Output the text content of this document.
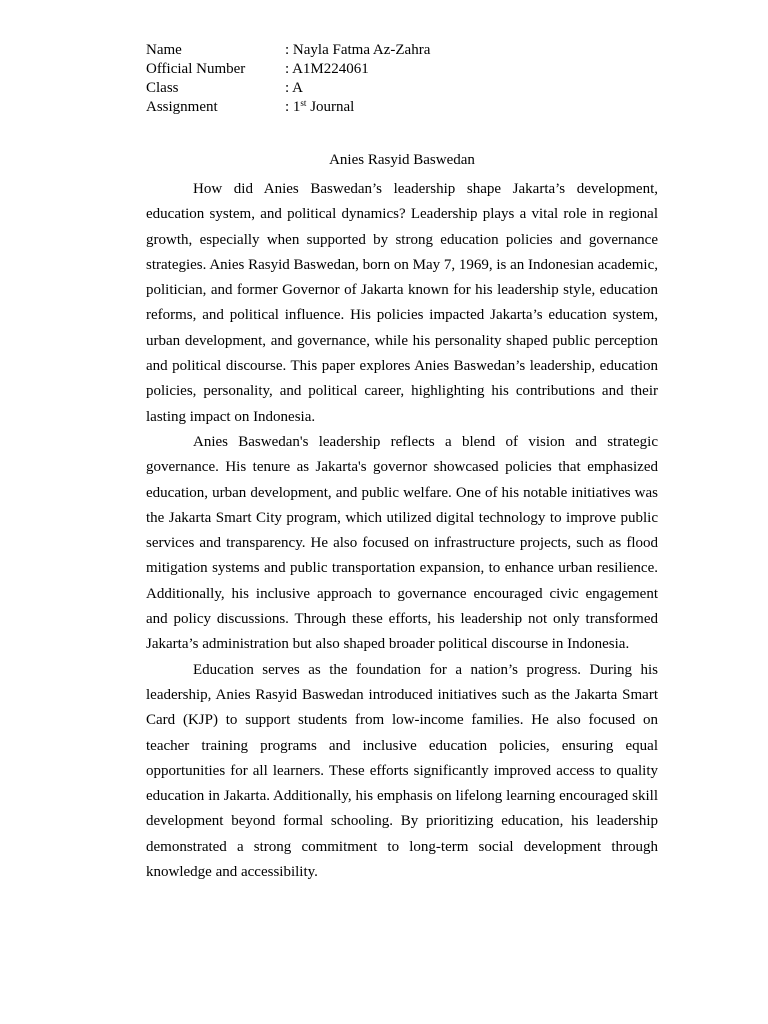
Name	: Nayla Fatma Az-Zahra
Official Number	: A1M224061
Class	: A
Assignment	: 1st Journal
Anies Rasyid Baswedan

How did Anies Baswedan’s leadership shape Jakarta’s development, education system, and political dynamics? Leadership plays a vital role in regional growth, especially when supported by strong education policies and governance strategies. Anies Rasyid Baswedan, born on May 7, 1969, is an Indonesian academic, politician, and former Governor of Jakarta known for his leadership style, education reforms, and political influence. His policies impacted Jakarta’s education system, urban development, and governance, while his personality shaped public perception and political discourse. This paper explores Anies Baswedan’s leadership, education policies, personality, and political career, highlighting his contributions and their lasting impact on Indonesia.

Anies Baswedan's leadership reflects a blend of vision and strategic governance. His tenure as Jakarta's governor showcased policies that emphasized education, urban development, and public welfare. One of his notable initiatives was the Jakarta Smart City program, which utilized digital technology to improve public services and transparency. He also focused on infrastructure projects, such as flood mitigation systems and public transportation expansion, to enhance urban resilience. Additionally, his inclusive approach to governance encouraged civic engagement and policy discussions. Through these efforts, his leadership not only transformed Jakarta’s administration but also shaped broader political discourse in Indonesia.

Education serves as the foundation for a nation’s progress. During his leadership, Anies Rasyid Baswedan introduced initiatives such as the Jakarta Smart Card (KJP) to support students from low-income families. He also focused on teacher training programs and inclusive education policies, ensuring equal opportunities for all learners. These efforts significantly improved access to quality education in Jakarta. Additionally, his emphasis on lifelong learning encouraged skill development beyond formal schooling. By prioritizing education, his leadership demonstrated a strong commitment to long-term social development through knowledge and accessibility.
